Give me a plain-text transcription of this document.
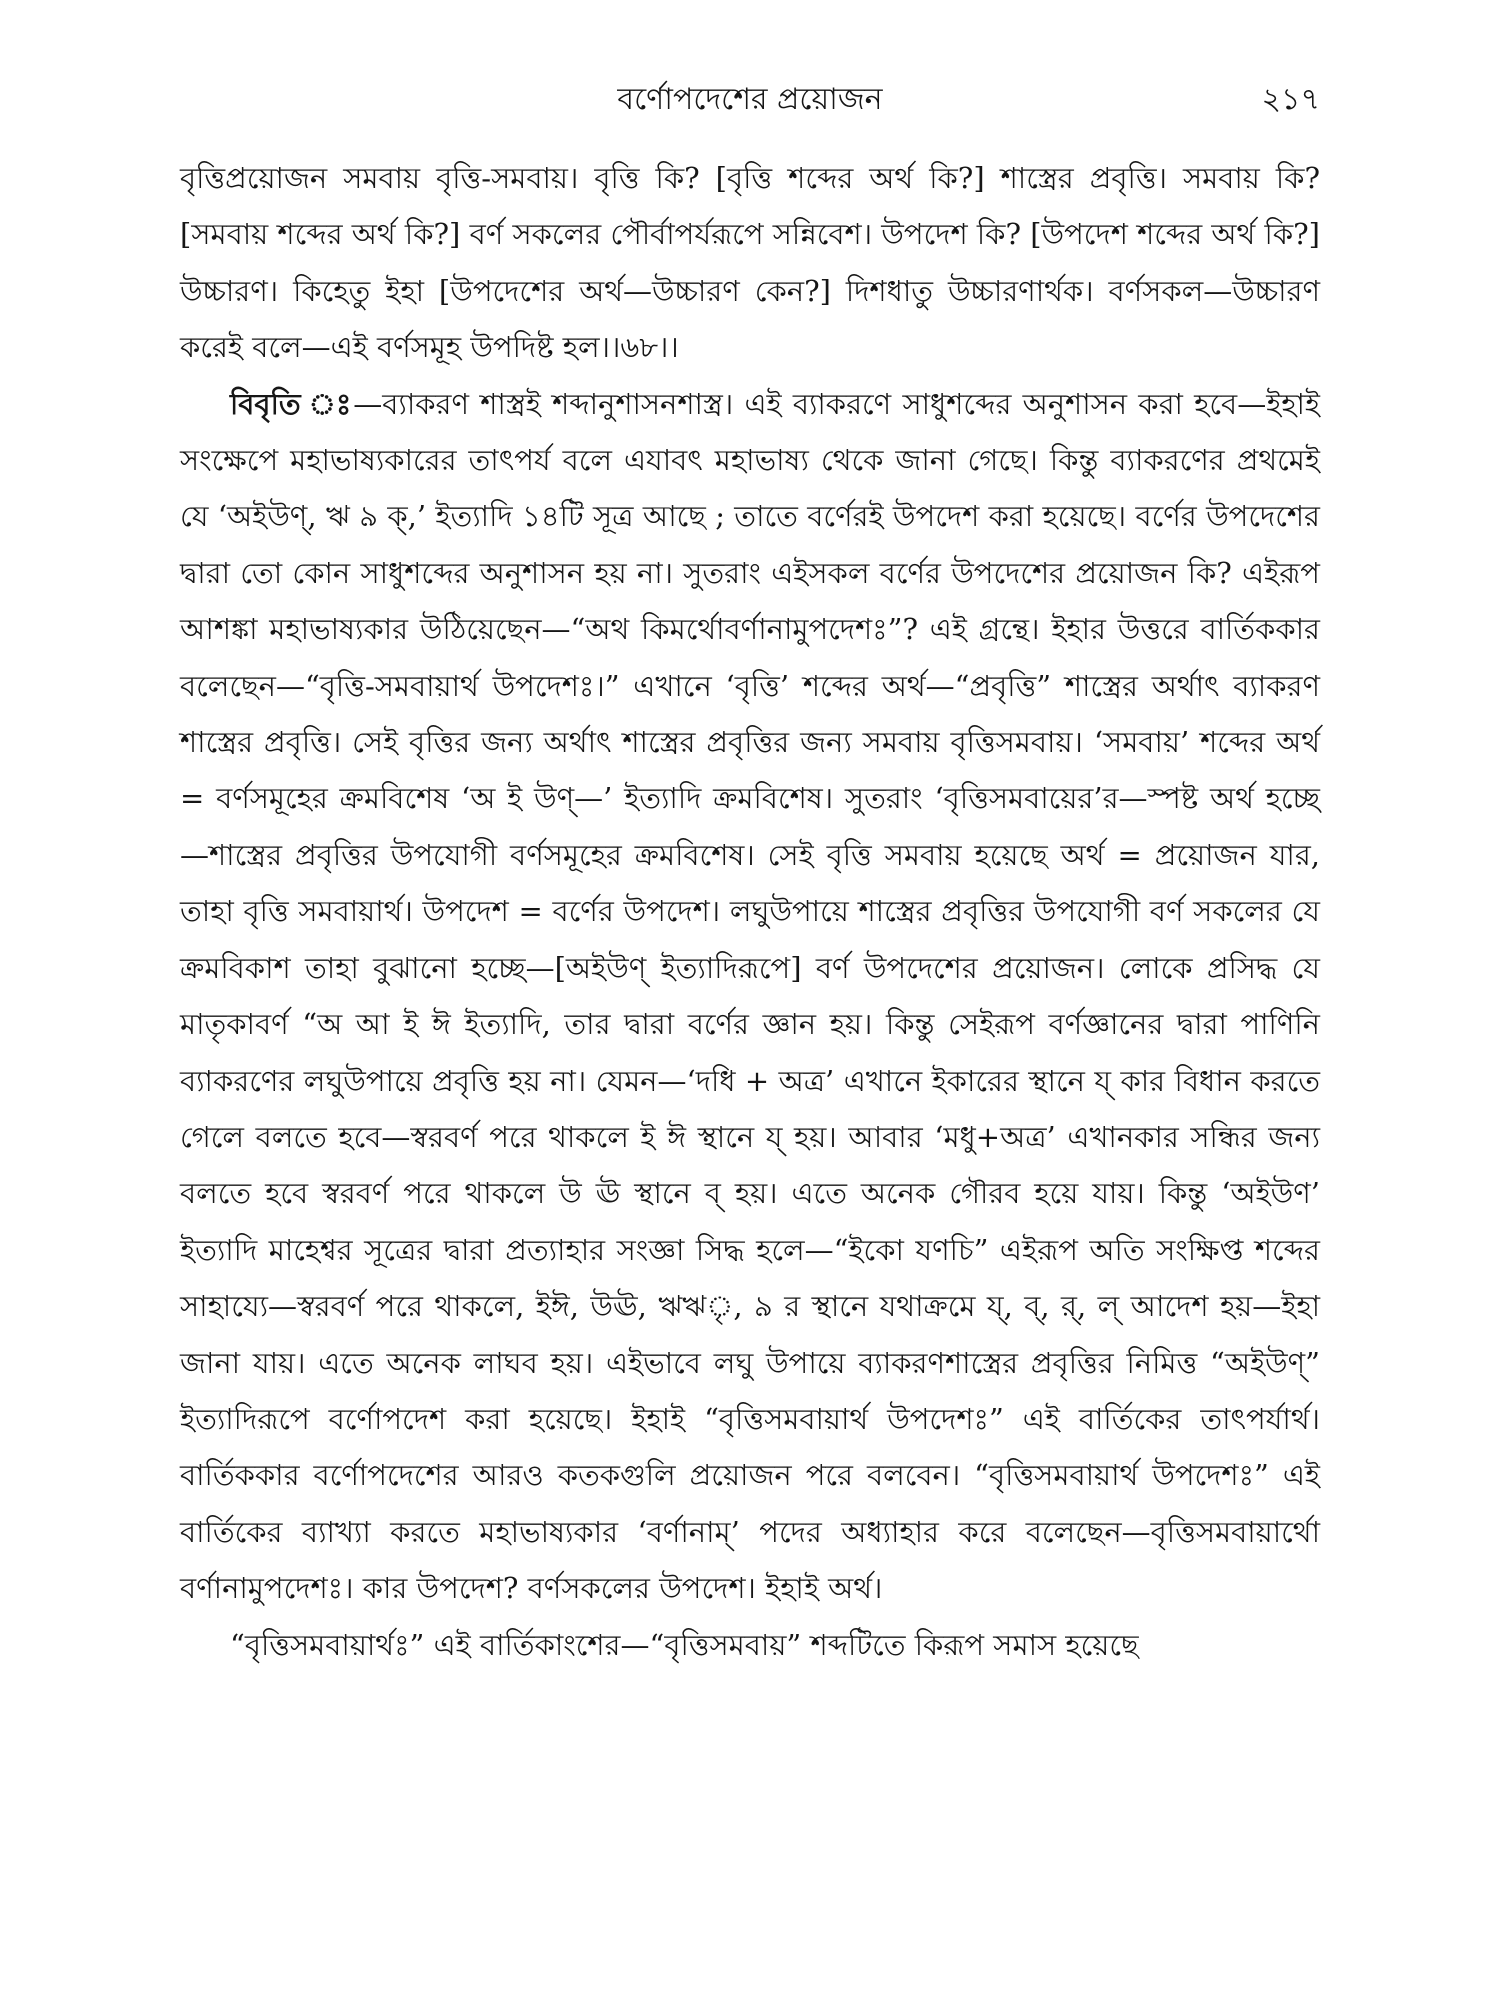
বর্ণোপদেশের প্রয়োজন	২১৭

বৃত্তিপ্রয়োজন সমবায় বৃত্তি-সমবায়। বৃত্তি কি? [বৃত্তি শব্দের অর্থ কি?] শাস্ত্রের প্রবৃত্তি। সমবায় কি? [সমবায় শব্দের অর্থ কি?] বর্ণ সকলের পৌর্বাপর্যরূপে সন্নিবেশ। উপদেশ কি? [উপদেশ শব্দের অর্থ কি?] উচ্চারণ। কিহেতু ইহা [উপদেশের অর্থ—উচ্চারণ কেন?] দিশধাতু উচ্চারণার্থক। বর্ণসকল—উচ্চারণ করেই বলে—এই বর্ণসমূহ উপদিষ্ট হল।।৬৮।।

বিবৃতি ঃ—ব্যাকরণ শাস্ত্রই শব্দানুশাসনশাস্ত্র। এই ব্যাকরণে সাধুশব্দের অনুশাসন করা হবে—ইহাই সংক্ষেপে মহাভাষ্যকারের তাৎপর্য বলে এযাবৎ মহাভাষ্য থেকে জানা গেছে। কিন্তু ব্যাকরণের প্রথমেই যে ‘অইউণ্, ঋ ৯ ক্,’ ইত্যাদি ১৪টি সূত্র আছে ; তাতে বর্ণেরই উপদেশ করা হয়েছে। বর্ণের উপদেশের দ্বারা তো কোন সাধুশব্দের অনুশাসন হয় না। সুতরাং এইসকল বর্ণের উপদেশের প্রয়োজন কি? এইরূপ আশঙ্কা মহাভাষ্যকার উঠিয়েছেন—“অথ কিমর্থোবর্ণানামুপদেশঃ”? এই গ্রন্থে। ইহার উত্তরে বার্তিককার বলেছেন—“বৃত্তি-সমবায়ার্থ উপদেশঃ।” এখানে ‘বৃত্তি’ শব্দের অর্থ—“প্রবৃত্তি” শাস্ত্রের অর্থাৎ ব্যাকরণ শাস্ত্রের প্রবৃত্তি। সেই বৃত্তির জন্য অর্থাৎ শাস্ত্রের প্রবৃত্তির জন্য সমবায় বৃত্তিসমবায়। ‘সমবায়’ শব্দের অর্থ = বর্ণসমূহের ক্রমবিশেষ ‘অ ই উণ্—’ ইত্যাদি ক্রমবিশেষ। সুতরাং ‘বৃত্তিসমবায়ের’র—স্পষ্ট অর্থ হচ্ছে—শাস্ত্রের প্রবৃত্তির উপযোগী বর্ণসমূহের ক্রমবিশেষ। সেই বৃত্তি সমবায় হয়েছে অর্থ = প্রয়োজন যার, তাহা বৃত্তি সমবায়ার্থ। উপদেশ = বর্ণের উপদেশ। লঘুউপায়ে শাস্ত্রের প্রবৃত্তির উপযোগী বর্ণ সকলের যে ক্রমবিকাশ তাহা বুঝানো হচ্ছে—[অইউণ্ ইত্যাদিরূপে] বর্ণ উপদেশের প্রয়োজন। লোকে প্রসিদ্ধ যে মাতৃকাবর্ণ “অ আ ই ঈ ইত্যাদি, তার দ্বারা বর্ণের জ্ঞান হয়। কিন্তু সেইরূপ বর্ণজ্ঞানের দ্বারা পাণিনি ব্যাকরণের লঘুউপায়ে প্রবৃত্তি হয় না। যেমন—‘দধি + অত্র’ এখানে ইকারের স্থানে য্ কার বিধান করতে গেলে বলতে হবে—স্বরবর্ণ পরে থাকলে ই ঈ স্থানে য্ হয়। আবার ‘মধু+অত্র’ এখানকার সন্ধির জন্য বলতে হবে স্বরবর্ণ পরে থাকলে উ ঊ স্থানে ব্ হয়। এতে অনেক গৌরব হয়ে যায়। কিন্তু ‘অইউণ’ ইত্যাদি মাহেশ্বর সূত্রের দ্বারা প্রত্যাহার সংজ্ঞা সিদ্ধ হলে—“ইকো যণচি” এইরূপ অতি সংক্ষিপ্ত শব্দের সাহায্যে—স্বরবর্ণ পরে থাকলে, ইঈ, উঊ, ঋঋৃ, ৯ র স্থানে যথাক্রমে য্, ব্, র্, ল্ আদেশ হয়—ইহা জানা যায়। এতে অনেক লাঘব হয়। এইভাবে লঘু উপায়ে ব্যাকরণশাস্ত্রের প্রবৃত্তির নিমিত্ত “অইউণ্” ইত্যাদিরূপে বর্ণোপদেশ করা হয়েছে। ইহাই “বৃত্তিসমবায়ার্থ উপদেশঃ” এই বার্তিকের তাৎপর্যার্থ। বার্তিককার বর্ণোপদেশের আরও কতকগুলি প্রয়োজন পরে বলবেন। “বৃত্তিসমবায়ার্থ উপদেশঃ” এই বার্তিকের ব্যাখ্যা করতে মহাভাষ্যকার ‘বর্ণানাম্’ পদের অধ্যাহার করে বলেছেন—বৃত্তিসমবায়ার্থো বর্ণানামুপদেশঃ। কার উপদেশ? বর্ণসকলের উপদেশ। ইহাই অর্থ।

“বৃত্তিসমবায়ার্থঃ” এই বার্তিকাংশের—“বৃত্তিসমবায়” শব্দটিতে কিরূপ সমাস হয়েছে
